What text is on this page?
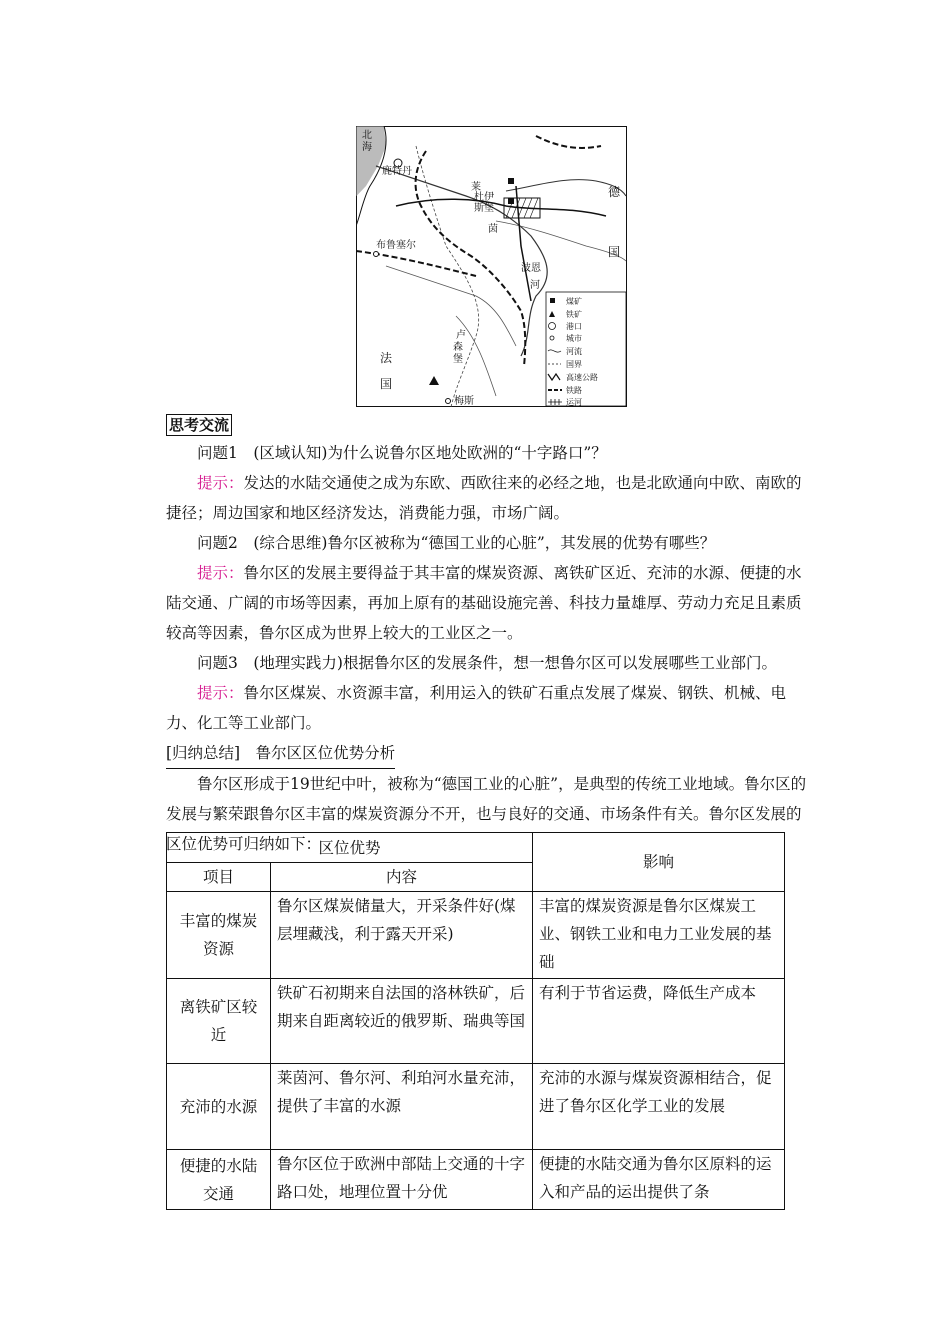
北
海
鹿特丹
莱
杜伊
斯堡
茵
德
国
布鲁塞尔
波恩
河
卢
森
堡
法
国
梅斯
煤矿
铁矿
港口
城市
河流
国界
高速公路
铁路
运河
思考交流

问题1　(区域认知)为什么说鲁尔区地处欧洲的“十字路口”？

提示：发达的水陆交通使之成为东欧、西欧往来的必经之地，也是北欧通向中欧、南欧的捷径；周边国家和地区经济发达，消费能力强，市场广阔。

问题2　(综合思维)鲁尔区被称为“德国工业的心脏”，其发展的优势有哪些？

提示：鲁尔区的发展主要得益于其丰富的煤炭资源、离铁矿区近、充沛的水源、便捷的水陆交通、广阔的市场等因素，再加上原有的基础设施完善、科技力量雄厚、劳动力充足且素质较高等因素，鲁尔区成为世界上较大的工业区之一。

问题3　(地理实践力)根据鲁尔区的发展条件，想一想鲁尔区可以发展哪些工业部门。

提示：鲁尔区煤炭、水资源丰富，利用运入的铁矿石重点发展了煤炭、钢铁、机械、电力、化工等工业部门。

[归纳总结]　鲁尔区区位优势分析

鲁尔区形成于19世纪中叶，被称为“德国工业的心脏”，是典型的传统工业地域。鲁尔区的发展与繁荣跟鲁尔区丰富的煤炭资源分不开，也与良好的交通、市场条件有关。鲁尔区发展的区位优势可归纳如下：

区位优势		影响
项目	内容	
丰富的煤炭资源	鲁尔区煤炭储量大，开采条件好(煤层埋藏浅，利于露天开采)	丰富的煤炭资源是鲁尔区煤炭工业、钢铁工业和电力工业发展的基础
离铁矿区较近	铁矿石初期来自法国的洛林铁矿，后期来自距离较近的俄罗斯、瑞典等国	有利于节省运费，降低生产成本
充沛的水源	莱茵河、鲁尔河、利珀河水量充沛，提供了丰富的水源	充沛的水源与煤炭资源相结合，促进了鲁尔区化学工业的发展
便捷的水陆交通	鲁尔区位于欧洲中部陆上交通的十字路口处，地理位置十分优	便捷的水陆交通为鲁尔区原料的运入和产品的运出提供了条
